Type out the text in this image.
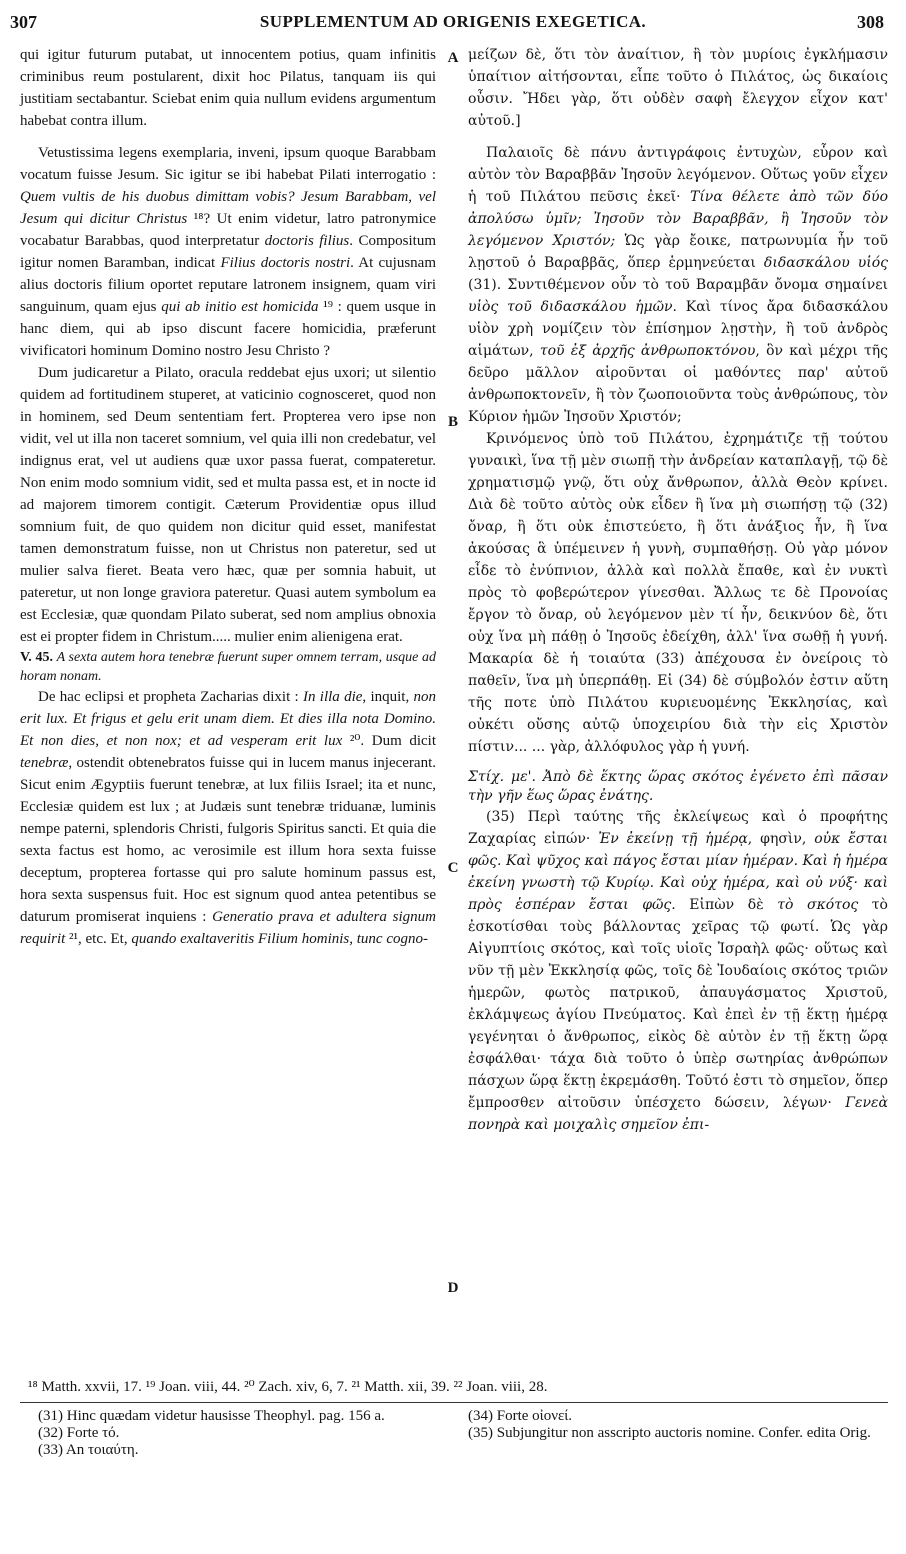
307	SUPPLEMENTUM AD ORIGENIS EXEGETICA.	308

qui igitur futurum putabat, ut innocentem potius, quam infinitis criminibus reum postularent, dixit hoc Pilatus, tanquam iis qui justitiam sectabantur. Sciebat enim quia nullum evidens argumentum habebat contra illum.

Vetustissima legens exemplaria, inveni, ipsum quoque Barabbam vocatum fuisse Jesum. Sic igitur se ibi habebat Pilati interrogatio : Quem vultis de his duobus dimittam vobis? Jesum Barabbam, vel Jesum qui dicitur Christus ¹⁸? Ut enim videtur, latro patronymice vocabatur Barabbas, quod interpretatur doctoris filius. Compositum igitur nomen Baramban, indicat Filius doctoris nostri. At cujusnam alius doctoris filium oportet reputare latronem insignem, quam viri sanguinum, quam ejus qui ab initio est homicida ¹⁹ : quem usque in hanc diem, qui ab ipso discunt facere homicidia, præferunt vivificatori hominum Domino nostro Jesu Christo ?

Dum judicaretur a Pilato, oracula reddebat ejus uxori; ut silentio quidem ad fortitudinem stuperet, at vaticinio cognosceret, quod non in hominem, sed Deum sententiam fert. Propterea vero ipse non vidit, vel ut illa non taceret somnium, vel quia illi non credebatur, vel indignus erat, vel ut audiens quæ uxor passa fuerat, compateretur. Non enim modo somnium vidit, sed et multa passa est, et in nocte id ad majorem timorem contigit. Cæterum Providentiæ opus illud somnium fuit, de quo quidem non dicitur quid esset, manifestat tamen demonstratum fuisse, non ut Christus non pateretur, sed ut mulier salva fieret. Beata vero hæc, quæ per somnia habuit, ut pateretur, ut non longe graviora pateretur. Quasi autem symbolum ea est Ecclesiæ, quæ quondam Pilato suberat, sed nom amplius obnoxia est ei propter fidem in Christum..... mulier enim alienigena erat.

V. 45. A sexta autem hora tenebræ fuerunt super omnem terram, usque ad horam nonam.

De hac eclipsi et propheta Zacharias dixit : In illa die, inquit, non erit lux. Et frigus et gelu erit unam diem. Et dies illa nota Domino. Et non dies, et non nox; et ad vesperam erit lux ²⁰. Dum dicit tenebræ, ostendit obtenebratos fuisse qui in lucem manus injecerant. Sicut enim Ægyptiis fuerunt tenebræ, at lux filiis Israel; ita et nunc, Ecclesiæ quidem est lux ; at Judæis sunt tenebræ triduanæ, luminis nempe paterni, splendoris Christi, fulgoris Spiritus sancti. Et quia die sexta factus est homo, ac verosimile est illum hora sexta fuisse deceptum, propterea fortasse qui pro salute hominum passus est, hora sexta suspensus fuit. Hoc est signum quod antea petentibus se daturum promiserat inquiens : Generatio prava et adultera signum requirit ²¹, etc. Et, quando exaltaveritis Filium hominis, tunc cogno-

A
B
C
D

μείζων δὲ, ὅτι τὸν ἀναίτιον, ἢ τὸν μυρίοις ἐγκλήμασιν ὑπαίτιον αἰτήσονται, εἶπε τοῦτο ὁ Πιλάτος, ὡς δικαίοις οὖσιν. Ἤδει γὰρ, ὅτι οὐδὲν σαφὴ ἔλεγχον εἶχον κατ' αὐτοῦ.]

Παλαιοῖς δὲ πάνυ ἀντιγράφοις ἐντυχὼν, εὗρον καὶ αὐτὸν τὸν Βαραββᾶν Ἰησοῦν λεγόμενον. Οὕτως γοῦν εἶχεν ἡ τοῦ Πιλάτου πεῦσις ἐκεῖ· Τίνα θέλετε ἀπὸ τῶν δύο ἀπολύσω ὑμῖν; Ἰησοῦν τὸν Βαραββᾶν, ἢ Ἰησοῦν τὸν λεγόμενον Χριστόν; Ὡς γὰρ ἔοικε, πατρωνυμία ἦν τοῦ λῃστοῦ ὁ Βαραββᾶς, ὅπερ ἑρμηνεύεται διδασκάλου υἱός (31). Συντιθέμενον οὖν τὸ τοῦ Βαραμβᾶν ὄνομα σημαίνει υἱὸς τοῦ διδασκάλου ἡμῶν. Καὶ τίνος ἄρα διδασκάλου υἱὸν χρὴ νομίζειν τὸν ἐπίσημον λῃστὴν, ἢ τοῦ ἀνδρὸς αἱμάτων, τοῦ ἐξ ἀρχῆς ἀνθρωποκτόνου, ὃν καὶ μέχρι τῆς δεῦρο μᾶλλον αἱροῦνται οἱ μαθόντες παρ' αὐτοῦ ἀνθρωποκτονεῖν, ἢ τὸν ζωοποιοῦντα τοὺς ἀνθρώπους, τὸν Κύριον ἡμῶν Ἰησοῦν Χριστόν;

Κρινόμενος ὑπὸ τοῦ Πιλάτου, ἐχρημάτιζε τῇ τούτου γυναικὶ, ἵνα τῇ μὲν σιωπῇ τὴν ἀνδρείαν καταπλαγῇ, τῷ δὲ χρηματισμῷ γνῷ, ὅτι οὐχ ἄνθρωπον, ἀλλὰ Θεὸν κρίνει. Διὰ δὲ τοῦτο αὐτὸς οὐκ εἶδεν ἢ ἵνα μὴ σιωπήσῃ τῷ (32) ὄναρ, ἢ ὅτι οὐκ ἐπιστεύετο, ἢ ὅτι ἀνάξιος ἦν, ἢ ἵνα ἀκούσας ἃ ὑπέμεινεν ἡ γυνὴ, συμπαθήσῃ. Οὐ γὰρ μόνον εἶδε τὸ ἐνύπνιον, ἀλλὰ καὶ πολλὰ ἔπαθε, καὶ ἐν νυκτὶ πρὸς τὸ φοβερώτερον γίνεσθαι. Ἄλλως τε δὲ Προνοίας ἔργον τὸ ὄναρ, οὐ λεγόμενον μὲν τί ἦν, δεικνύον δὲ, ὅτι οὐχ ἵνα μὴ πάθῃ ὁ Ἰησοῦς ἐδείχθη, ἀλλ' ἵνα σωθῇ ἡ γυνή. Μακαρία δὲ ἡ τοιαύτα (33) ἀπέχουσα ἐν ὀνείροις τὸ παθεῖν, ἵνα μὴ ὑπερπάθῃ. Εἰ (34) δὲ σύμβολόν ἐστιν αὕτη τῆς ποτε ὑπὸ Πιλάτου κυριευομένης Ἐκκλησίας, καὶ οὐκέτι οὔσης αὐτῷ ὑποχειρίου διὰ τὴν εἰς Χριστὸν πίστιν... ... γὰρ, ἀλλόφυλος γὰρ ἡ γυνή.

Στίχ. με'. Ἀπὸ δὲ ἕκτης ὥρας σκότος ἐγένετο ἐπὶ πᾶσαν τὴν γῆν ἕως ὥρας ἐνάτης.

(35) Περὶ ταύτης τῆς ἐκλείψεως καὶ ὁ προφήτης Ζαχαρίας εἰπών· Ἐν ἐκείνῃ τῇ ἡμέρᾳ, φησὶν, οὐκ ἔσται φῶς. Καὶ ψῦχος καὶ πάγος ἔσται μίαν ἡμέραν. Καὶ ἡ ἡμέρα ἐκείνη γνωστὴ τῷ Κυρίῳ. Καὶ οὐχ ἡμέρα, καὶ οὐ νύξ· καὶ πρὸς ἑσπέραν ἔσται φῶς. Εἰπὼν δὲ τὸ σκότος τὸ ἐσκοτίσθαι τοὺς βάλλοντας χεῖρας τῷ φωτί. Ὡς γὰρ Αἰγυπτίοις σκότος, καὶ τοῖς υἱοῖς Ἰσραὴλ φῶς· οὕτως καὶ νῦν τῇ μὲν Ἐκκλησίᾳ φῶς, τοῖς δὲ Ἰουδαίοις σκότος τριῶν ἡμερῶν, φωτὸς πατρικοῦ, ἀπαυγάσματος Χριστοῦ, ἐκλάμψεως ἁγίου Πνεύματος. Καὶ ἐπεὶ ἐν τῇ ἕκτῃ ἡμέρᾳ γεγένηται ὁ ἄνθρωπος, εἰκὸς δὲ αὐτὸν ἐν τῇ ἕκτῃ ὥρᾳ ἐσφάλθαι· τάχα διὰ τοῦτο ὁ ὑπὲρ σωτηρίας ἀνθρώπων πάσχων ὥρᾳ ἕκτῃ ἐκρεμάσθη. Τοῦτό ἐστι τὸ σημεῖον, ὅπερ ἔμπροσθεν αἰτοῦσιν ὑπέσχετο δώσειν, λέγων· Γενεὰ πονηρὰ καὶ μοιχαλὶς σημεῖον ἐπι-

¹⁸ Matth. xxvii, 17. ¹⁹ Joan. viii, 44. ²⁰ Zach. xiv, 6, 7. ²¹ Matth. xii, 39. ²² Joan. viii, 28.

(31) Hinc quædam videtur hausisse Theophyl. pag. 156 a.

(32) Forte τό.

(33) An τοιαύτη.

(34) Forte οἰονεί.

(35) Subjungitur non asscripto auctoris nomine. Confer. edita Orig.
